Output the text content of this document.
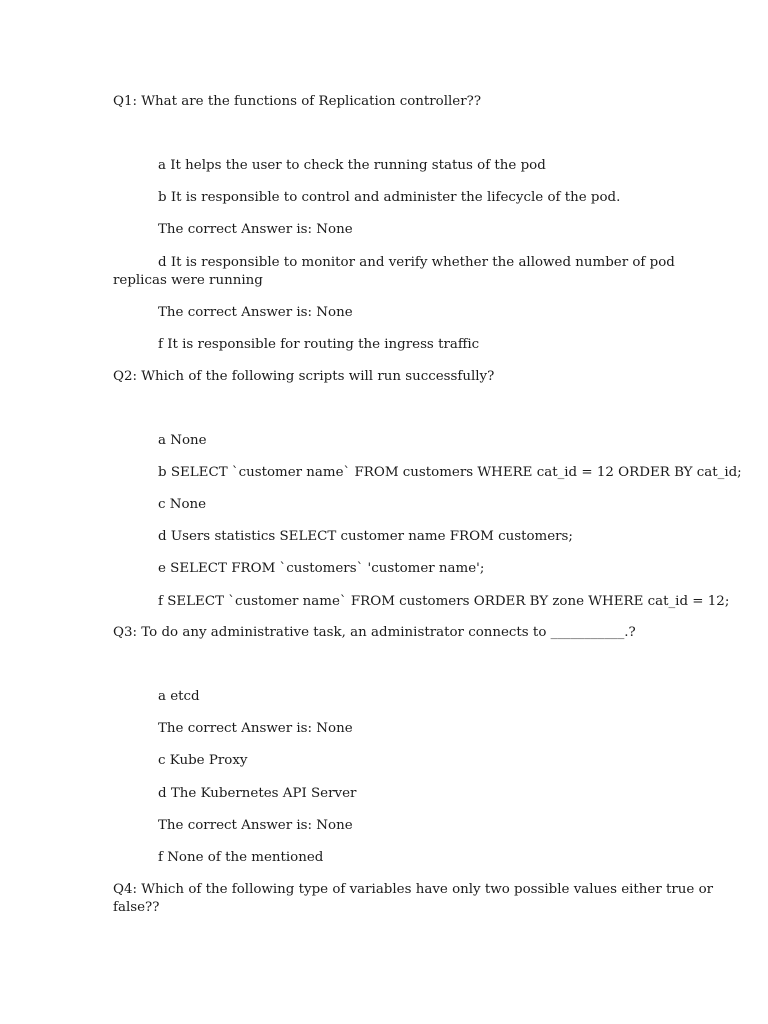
Q1: What are the functions of Replication controller??
a It helps the user to check the running status of the pod
b It is responsible to control and administer the lifecycle of the pod.
The correct Answer is: None
d It is responsible to monitor and verify whether the allowed number of pod
replicas were running
The correct Answer is: None
f It is responsible for routing the ingress traffic
Q2: Which of the following scripts will run successfully?
a None
b SELECT `customer name` FROM customers WHERE cat_id = 12 ORDER BY cat_id;
c None
d Users statistics SELECT customer name FROM customers;
e SELECT FROM `customers` 'customer name';
f SELECT `customer name` FROM customers ORDER BY zone WHERE cat_id = 12;
Q3: To do any administrative task, an administrator connects to ___________.?
a etcd
The correct Answer is: None
c Kube Proxy
d The Kubernetes API Server
The correct Answer is: None
f None of the mentioned
Q4: Which of the following type of variables have only two possible values either true or
false??
